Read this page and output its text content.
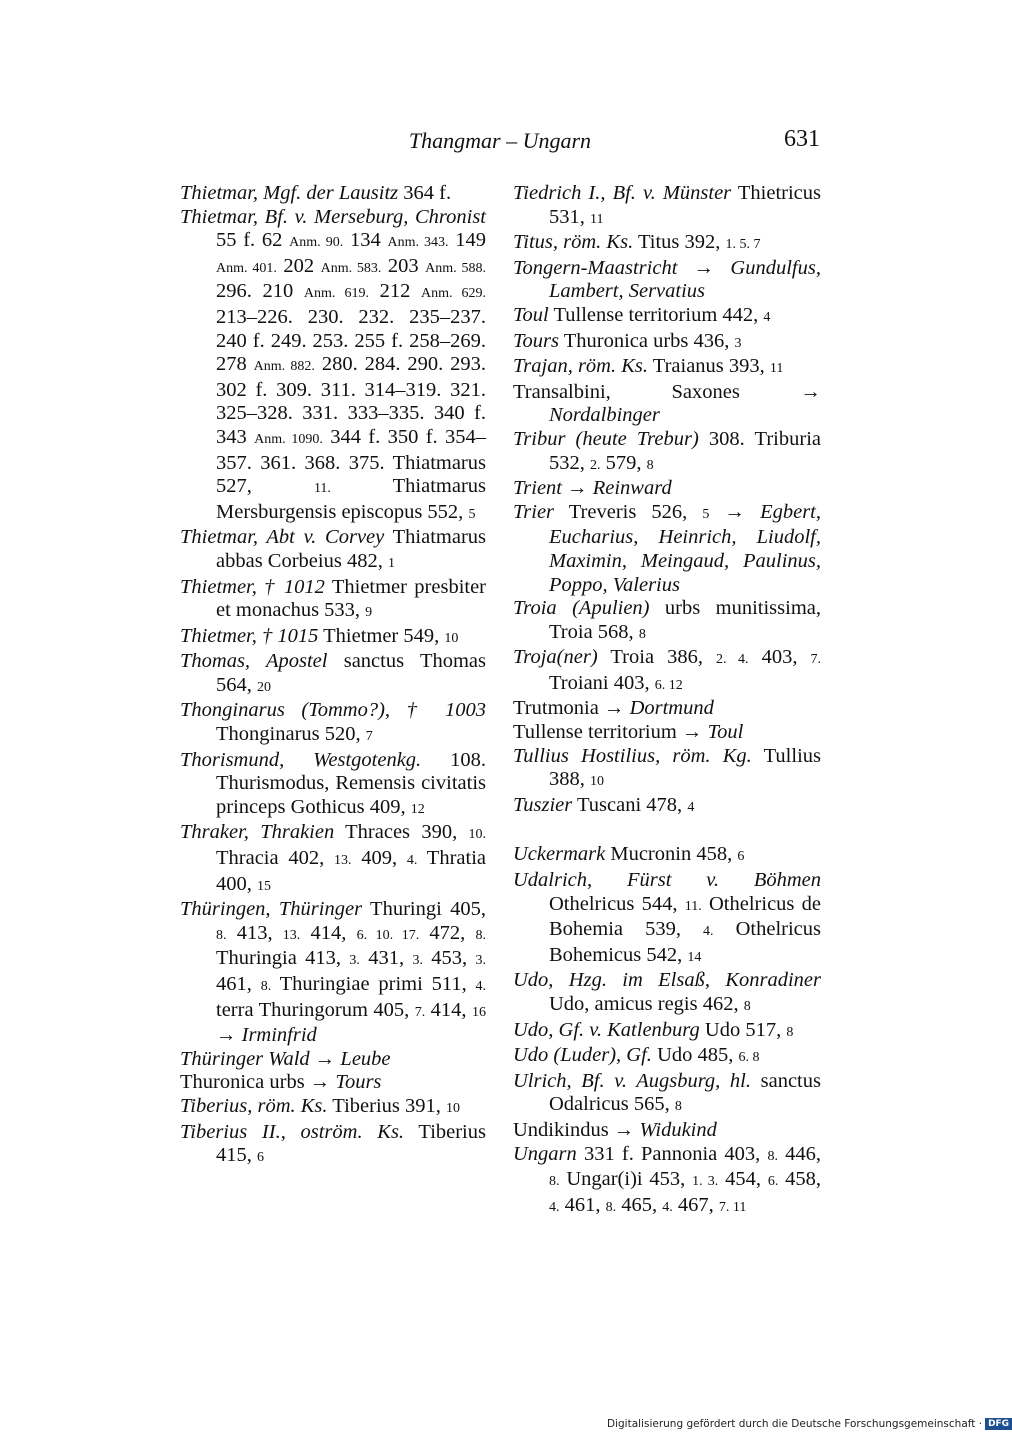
Thangmar – Ungarn	631
Thietmar, Mgf. der Lausitz 364 f.
Thietmar, Bf. v. Merseburg, Chronist 55 f. 62 Anm. 90. 134 Anm. 343. 149 Anm. 401. 202 Anm. 583. 203 Anm. 588. 296. 210 Anm. 619. 212 Anm. 629. 213–226. 230. 232. 235–237. 240 f. 249. 253. 255 f. 258–269. 278 Anm. 882. 280. 284. 290. 293. 302 f. 309. 311. 314–319. 321. 325–328. 331. 333–335. 340 f. 343 Anm. 1090. 344 f. 350 f. 354–357. 361. 368. 375. Thiatmarus 527, 11. Thiatmarus Mersburgensis episcopus 552, 5
Thietmar, Abt v. Corvey Thiatmarus abbas Corbeius 482, 1
Thietmer, † 1012 Thietmer presbiter et monachus 533, 9
Thietmer, † 1015 Thietmer 549, 10
Thomas, Apostel sanctus Thomas 564, 20
Thonginarus (Tommo?), † 1003 Thonginarus 520, 7
Thorismund, Westgotenkg. 108. Thurismodus, Remensis civitatis princeps Gothicus 409, 12
Thraker, Thrakien Thraces 390, 10. Thracia 402, 13. 409, 4. Thratia 400, 15
Thüringen, Thüringer Thuringi 405, 8. 413, 13. 414, 6. 10. 17. 472, 8. Thuringia 413, 3. 431, 3. 453, 3. 461, 8. Thuringiae primi 511, 4. terra Thuringorum 405, 7. 414, 16 → Irminfrid
Thüringer Wald → Leube
Thuronica urbs → Tours
Tiberius, röm. Ks. Tiberius 391, 10
Tiberius II., oström. Ks. Tiberius 415, 6
Tiedrich I., Bf. v. Münster Thietricus 531, 11
Titus, röm. Ks. Titus 392, 1. 5. 7
Tongern-Maastricht → Gundulfus, Lambert, Servatius
Toul Tullense territorium 442, 4
Tours Thuronica urbs 436, 3
Trajan, röm. Ks. Traianus 393, 11
Transalbini, Saxones → Nordalbinger
Tribur (heute Trebur) 308. Triburia 532, 2. 579, 8
Trient → Reinward
Trier Treveris 526, 5 → Egbert, Eucharius, Heinrich, Liudolf, Maximin, Meingaud, Paulinus, Poppo, Valerius
Troia (Apulien) urbs munitissima, Troia 568, 8
Troja(ner) Troia 386, 2. 4. 403, 7. Troiani 403, 6. 12
Trutmonia → Dortmund
Tullense territorium → Toul
Tullius Hostilius, röm. Kg. Tullius 388, 10
Tuszier Tuscani 478, 4
Uckermark Mucronin 458, 6
Udalrich, Fürst v. Böhmen Othelricus 544, 11. Othelricus de Bohemia 539, 4. Othelricus Bohemicus 542, 14
Udo, Hzg. im Elsaß, Konradiner Udo, amicus regis 462, 8
Udo, Gf. v. Katlenburg Udo 517, 8
Udo (Luder), Gf. Udo 485, 6. 8
Ulrich, Bf. v. Augsburg, hl. sanctus Odalricus 565, 8
Undikindus → Widukind
Ungarn 331 f. Pannonia 403, 8. 446, 8. Ungar(i)i 453, 1. 3. 454, 6. 458, 4. 461, 8. 465, 4. 467, 7. 11
Digitalisierung gefördert durch die Deutsche Forschungsgemeinschaft · DFG
